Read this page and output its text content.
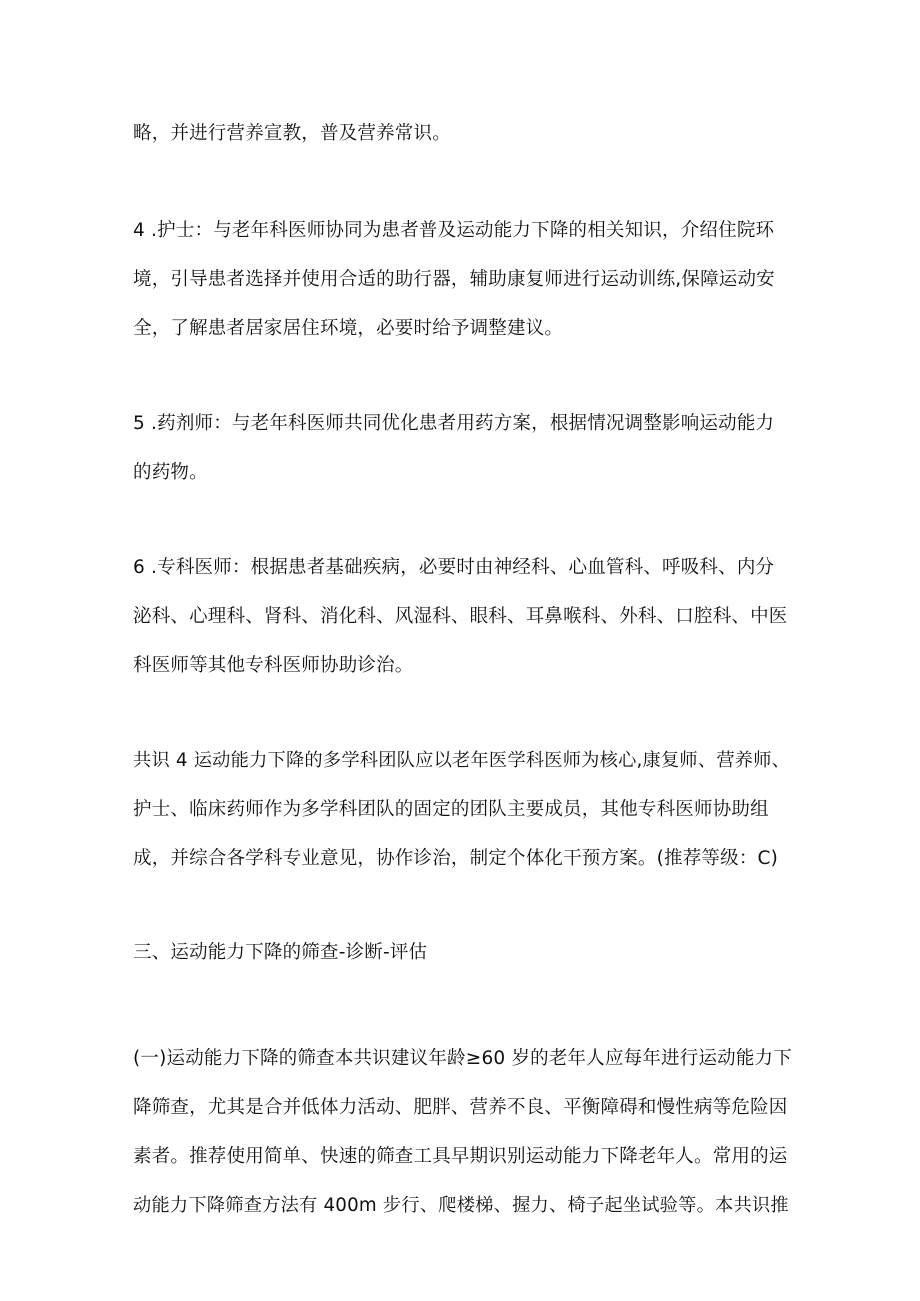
略，并进行营养宣教，普及营养常识。
4 .护士：与老年科医师协同为患者普及运动能力下降的相关知识，介绍住院环
境，引导患者选择并使用合适的助行器，辅助康复师进行运动训练,保障运动安
全，了解患者居家居住环境，必要时给予调整建议。
5 .药剂师：与老年科医师共同优化患者用药方案，根据情况调整影响运动能力
的药物。
6 .专科医师：根据患者基础疾病，必要时由神经科、心血管科、呼吸科、内分
泌科、心理科、肾科、消化科、风湿科、眼科、耳鼻喉科、外科、口腔科、中医
科医师等其他专科医师协助诊治。
共识 4 运动能力下降的多学科团队应以老年医学科医师为核心,康复师、营养师、
护士、临床药师作为多学科团队的固定的团队主要成员，其他专科医师协助组
成，并综合各学科专业意见，协作诊治，制定个体化干预方案。(推荐等级：C)
三、运动能力下降的筛查-诊断-评估
(一)运动能力下降的筛查本共识建议年龄≥60 岁的老年人应每年进行运动能力下
降筛查，尤其是合并低体力活动、肥胖、营养不良、平衡障碍和慢性病等危险因
素者。推荐使用简单、快速的筛查工具早期识别运动能力下降老年人。常用的运
动能力下降筛查方法有 400m 步行、爬楼梯、握力、椅子起坐试验等。本共识推
